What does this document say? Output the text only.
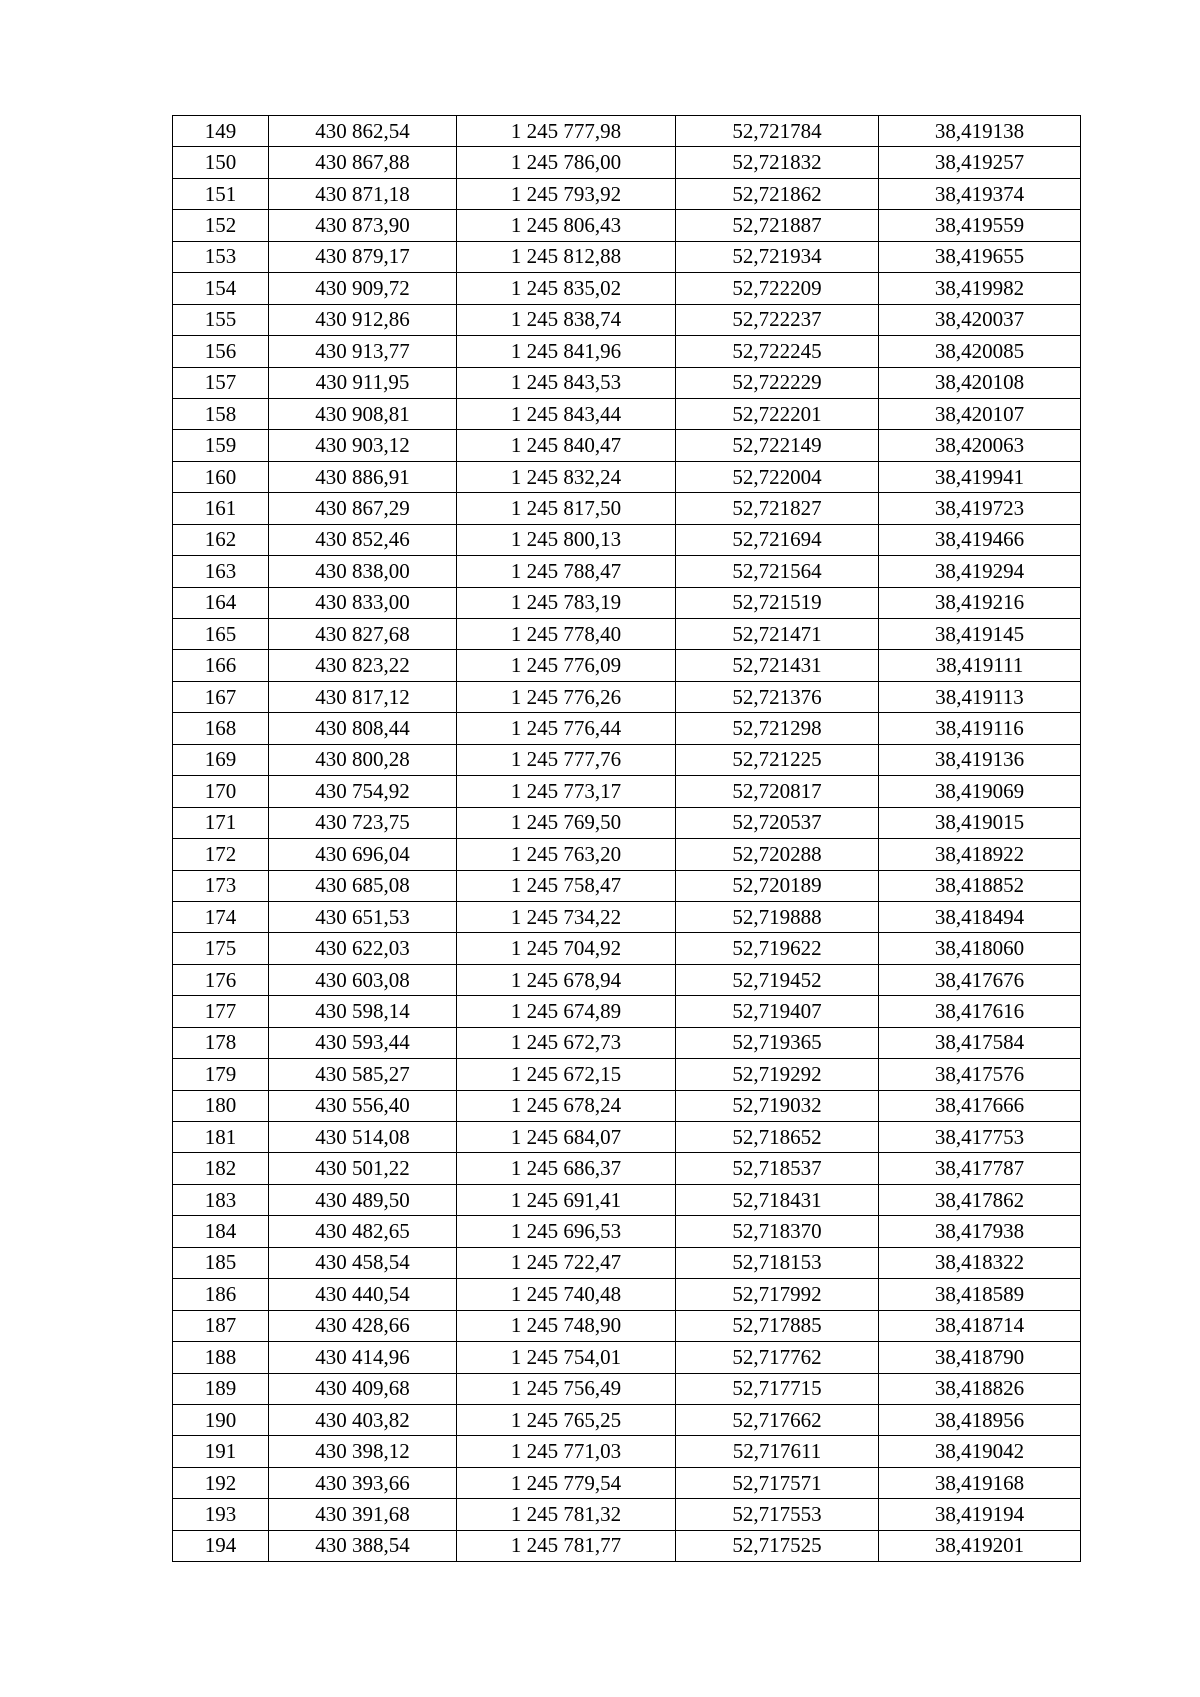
149	430 862,54	1 245 777,98	52,721784	38,419138
150	430 867,88	1 245 786,00	52,721832	38,419257
151	430 871,18	1 245 793,92	52,721862	38,419374
152	430 873,90	1 245 806,43	52,721887	38,419559
153	430 879,17	1 245 812,88	52,721934	38,419655
154	430 909,72	1 245 835,02	52,722209	38,419982
155	430 912,86	1 245 838,74	52,722237	38,420037
156	430 913,77	1 245 841,96	52,722245	38,420085
157	430 911,95	1 245 843,53	52,722229	38,420108
158	430 908,81	1 245 843,44	52,722201	38,420107
159	430 903,12	1 245 840,47	52,722149	38,420063
160	430 886,91	1 245 832,24	52,722004	38,419941
161	430 867,29	1 245 817,50	52,721827	38,419723
162	430 852,46	1 245 800,13	52,721694	38,419466
163	430 838,00	1 245 788,47	52,721564	38,419294
164	430 833,00	1 245 783,19	52,721519	38,419216
165	430 827,68	1 245 778,40	52,721471	38,419145
166	430 823,22	1 245 776,09	52,721431	38,419111
167	430 817,12	1 245 776,26	52,721376	38,419113
168	430 808,44	1 245 776,44	52,721298	38,419116
169	430 800,28	1 245 777,76	52,721225	38,419136
170	430 754,92	1 245 773,17	52,720817	38,419069
171	430 723,75	1 245 769,50	52,720537	38,419015
172	430 696,04	1 245 763,20	52,720288	38,418922
173	430 685,08	1 245 758,47	52,720189	38,418852
174	430 651,53	1 245 734,22	52,719888	38,418494
175	430 622,03	1 245 704,92	52,719622	38,418060
176	430 603,08	1 245 678,94	52,719452	38,417676
177	430 598,14	1 245 674,89	52,719407	38,417616
178	430 593,44	1 245 672,73	52,719365	38,417584
179	430 585,27	1 245 672,15	52,719292	38,417576
180	430 556,40	1 245 678,24	52,719032	38,417666
181	430 514,08	1 245 684,07	52,718652	38,417753
182	430 501,22	1 245 686,37	52,718537	38,417787
183	430 489,50	1 245 691,41	52,718431	38,417862
184	430 482,65	1 245 696,53	52,718370	38,417938
185	430 458,54	1 245 722,47	52,718153	38,418322
186	430 440,54	1 245 740,48	52,717992	38,418589
187	430 428,66	1 245 748,90	52,717885	38,418714
188	430 414,96	1 245 754,01	52,717762	38,418790
189	430 409,68	1 245 756,49	52,717715	38,418826
190	430 403,82	1 245 765,25	52,717662	38,418956
191	430 398,12	1 245 771,03	52,717611	38,419042
192	430 393,66	1 245 779,54	52,717571	38,419168
193	430 391,68	1 245 781,32	52,717553	38,419194
194	430 388,54	1 245 781,77	52,717525	38,419201
